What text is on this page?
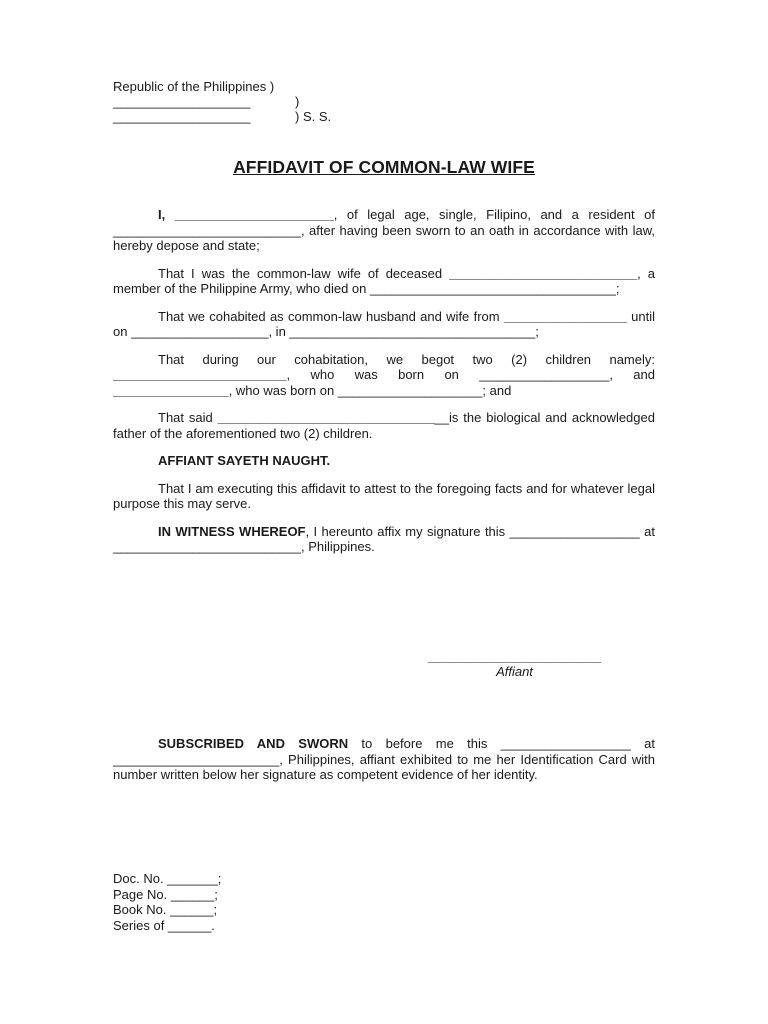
Republic of the Philippines )
___________________	)
___________________	) S. S.
AFFIDAVIT OF COMMON-LAW WIFE

I, ______________________, of legal age, single, Filipino, and a resident of __________________________, after having been sworn to an oath in accordance with law, hereby depose and state;

That I was the common-law wife of deceased __________________________, a member of the Philippine Army, who died on __________________________________;

That we cohabited as common-law husband and wife from _________________ until on ___________________, in __________________________________;

That during our cohabitation, we begot two (2) children namely: ________________________, who was born on __________________, and ________________, who was born on ____________________; and

That said ________________________________is the biological and acknowledged father of the aforementioned two (2) children.

AFFIANT SAYETH NAUGHT.

That I am executing this affidavit to attest to the foregoing facts and for whatever legal purpose this may serve.

IN WITNESS WHEREOF, I hereunto affix my signature this __________________ at __________________________, Philippines.

________________________
Affiant
SUBSCRIBED AND SWORN to before me this __________________ at _______________________, Philippines, affiant exhibited to me her Identification Card with number written below her signature as competent evidence of her identity.
Doc. No. _______;
Page No. ______;
Book No. ______;
Series of ______.
